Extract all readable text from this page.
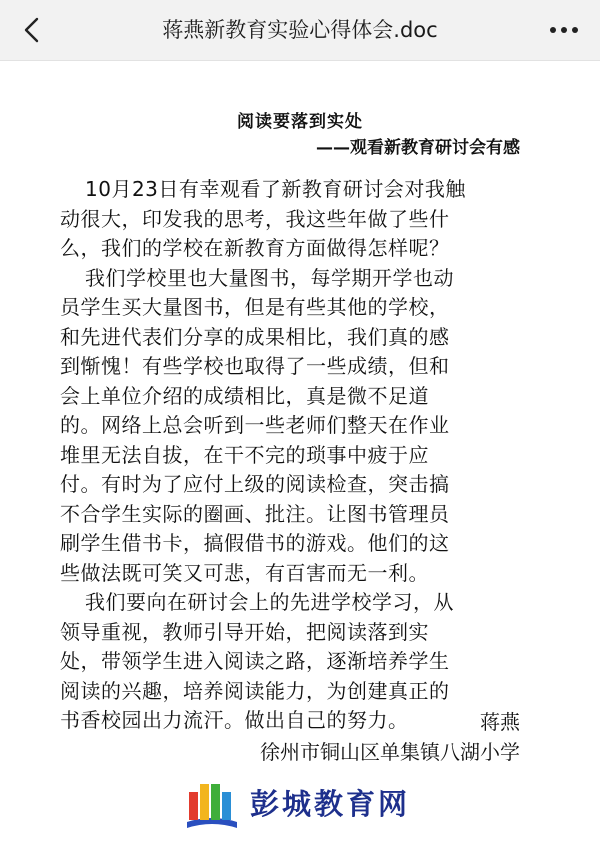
蒋燕新教育实验心得体会.doc
阅读要落到实处
——观看新教育研讨会有感
10月23日有幸观看了新教育研讨会对我触
动很大，印发我的思考，我这些年做了些什
么，我们的学校在新教育方面做得怎样呢？
我们学校里也大量图书，每学期开学也动
员学生买大量图书，但是有些其他的学校，
和先进代表们分享的成果相比，我们真的感
到惭愧！有些学校也取得了一些成绩，但和
会上单位介绍的成绩相比，真是微不足道
的。网络上总会听到一些老师们整天在作业
堆里无法自拔，在干不完的琐事中疲于应
付。有时为了应付上级的阅读检查，突击搞
不合学生实际的圈画、批注。让图书管理员
刷学生借书卡，搞假借书的游戏。他们的这
些做法既可笑又可悲，有百害而无一利。
我们要向在研讨会上的先进学校学习，从
领导重视，教师引导开始，把阅读落到实
处，带领学生进入阅读之路，逐渐培养学生
阅读的兴趣，培养阅读能力，为创建真正的
书香校园出力流汗。做出自己的努力。	蒋燕
徐州市铜山区单集镇八湖小学
彭城教育网
